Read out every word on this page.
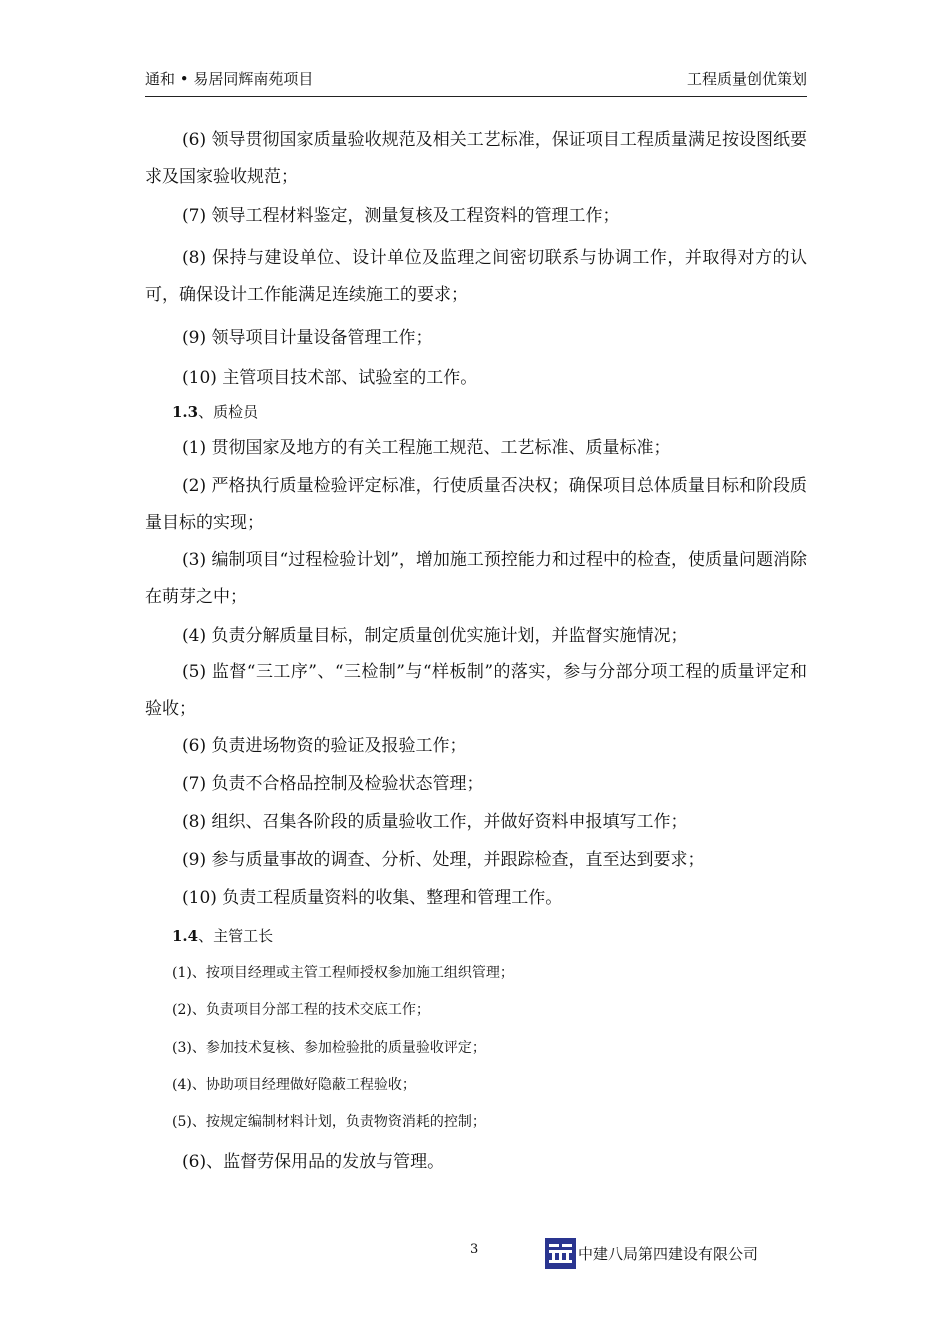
通和 • 易居同辉南苑项目	工程质量创优策划

(6) 领导贯彻国家质量验收规范及相关工艺标准，保证项目工程质量满足按设图纸要求及国家验收规范；

(7) 领导工程材料鉴定，测量复核及工程资料的管理工作；

(8) 保持与建设单位、设计单位及监理之间密切联系与协调工作，并取得对方的认可，确保设计工作能满足连续施工的要求；

(9) 领导项目计量设备管理工作；

(10) 主管项目技术部、试验室的工作。

1.3、质检员

(1) 贯彻国家及地方的有关工程施工规范、工艺标准、质量标准；

(2) 严格执行质量检验评定标准，行使质量否决权；确保项目总体质量目标和阶段质量目标的实现；

(3) 编制项目“过程检验计划”，增加施工预控能力和过程中的检查，使质量问题消除在萌芽之中；

(4) 负责分解质量目标，制定质量创优实施计划，并监督实施情况；

(5) 监督“三工序”、“三检制”与“样板制”的落实，参与分部分项工程的质量评定和验收；

(6) 负责进场物资的验证及报验工作；

(7) 负责不合格品控制及检验状态管理；

(8) 组织、召集各阶段的质量验收工作，并做好资料申报填写工作；

(9) 参与质量事故的调查、分析、处理，并跟踪检查，直至达到要求；

(10) 负责工程质量资料的收集、整理和管理工作。

1.4、主管工长
(1)、按项目经理或主管工程师授权参加施工组织管理；
(2)、负责项目分部工程的技术交底工作；
(3)、参加技术复核、参加检验批的质量验收评定；
(4)、协助项目经理做好隐蔽工程验收；
(5)、按规定编制材料计划，负责物资消耗的控制；

(6)、监督劳保用品的发放与管理。

3	中建八局第四建设有限公司
